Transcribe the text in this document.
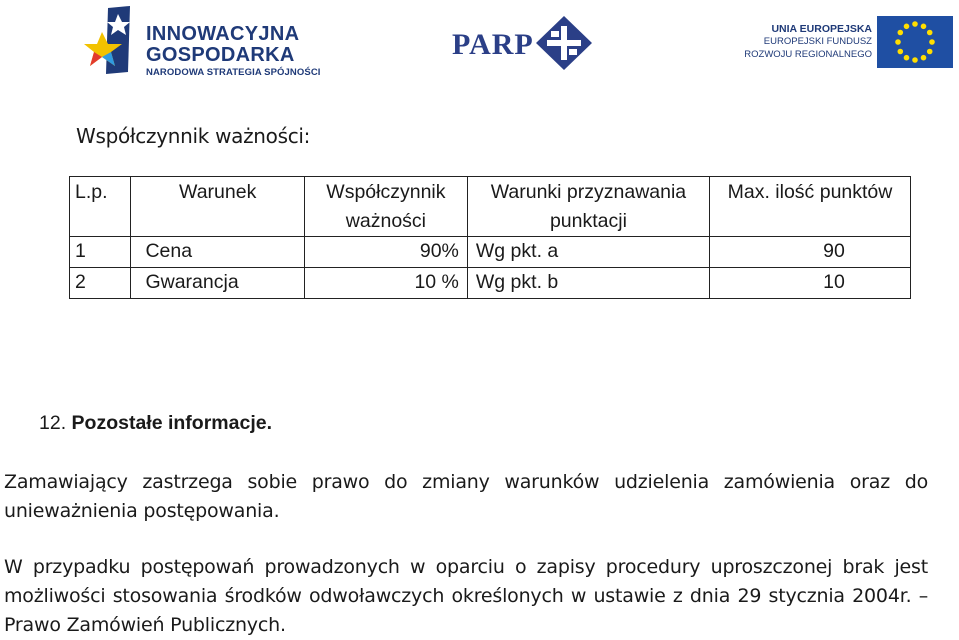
INNOWACYJNA
GOSPODARKA
NARODOWA STRATEGIA SPÓJNOŚCI
PARP	UNIA EUROPEJSKA
EUROPEJSKI FUNDUSZ
ROZWOJU REGIONALNEGO
Współczynnik ważności:
L.p.	Warunek	Współczynnik ważności	Warunki przyznawania punktacji	Max. ilość punktów
1	Cena	90%	Wg pkt. a	90
2	Gwarancja	10 %	Wg pkt. b	10
12. Pozostałe informacje.
Zamawiający zastrzega sobie prawo do zmiany warunków udzielenia zamówienia oraz do unieważnienia postępowania.
W przypadku postępowań prowadzonych w oparciu o zapisy procedury uproszczonej brak jest możliwości stosowania środków odwoławczych określonych w ustawie z dnia 29 stycznia 2004r. – Prawo Zamówień Publicznych.
